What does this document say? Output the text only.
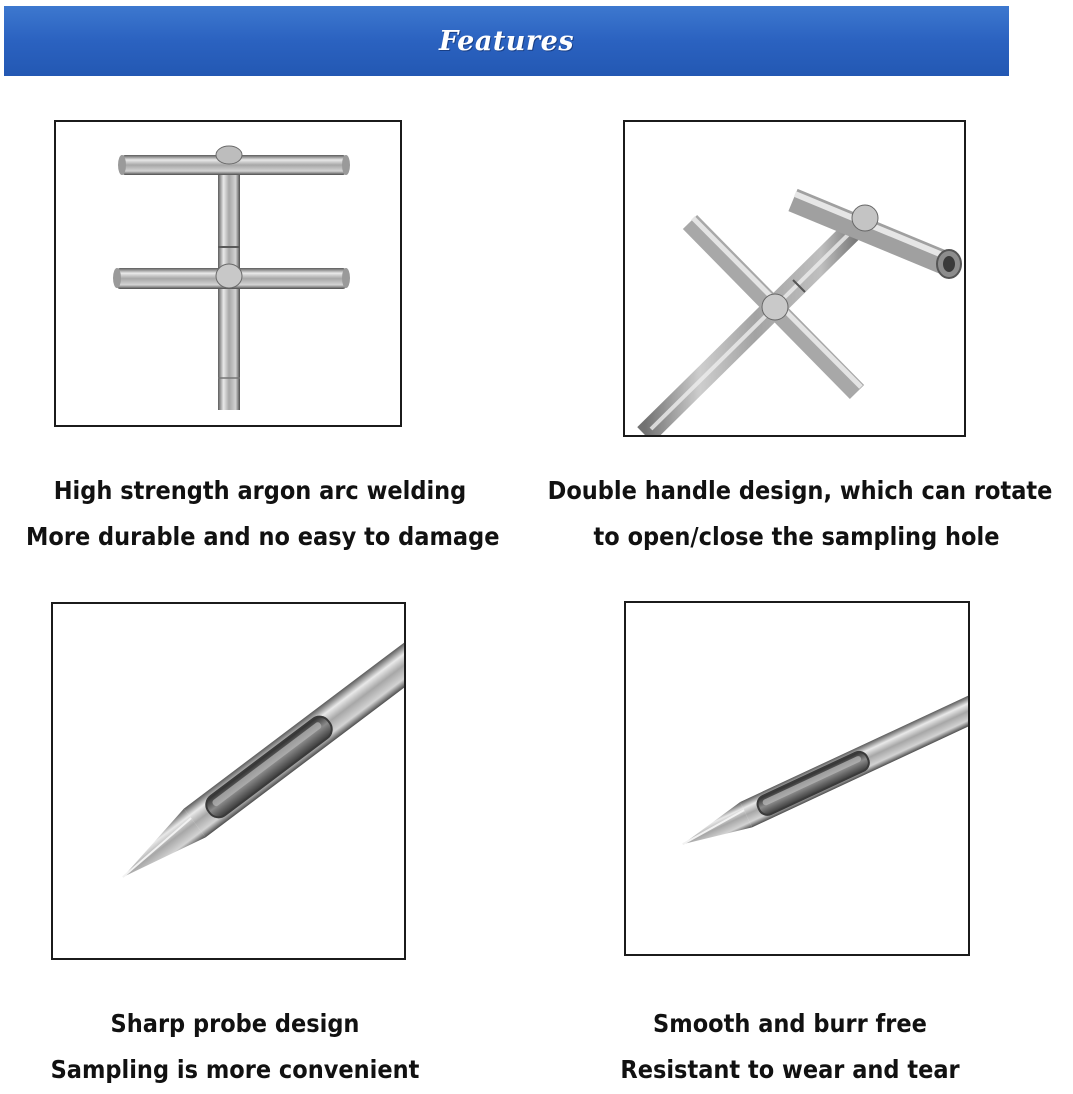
Features
High strength argon arc welding
More durable and no easy to damage
Double handle design, which can rotate
to open/close the sampling hole
Sharp probe design
Sampling is more convenient
Smooth and burr free
Resistant to wear and tear
